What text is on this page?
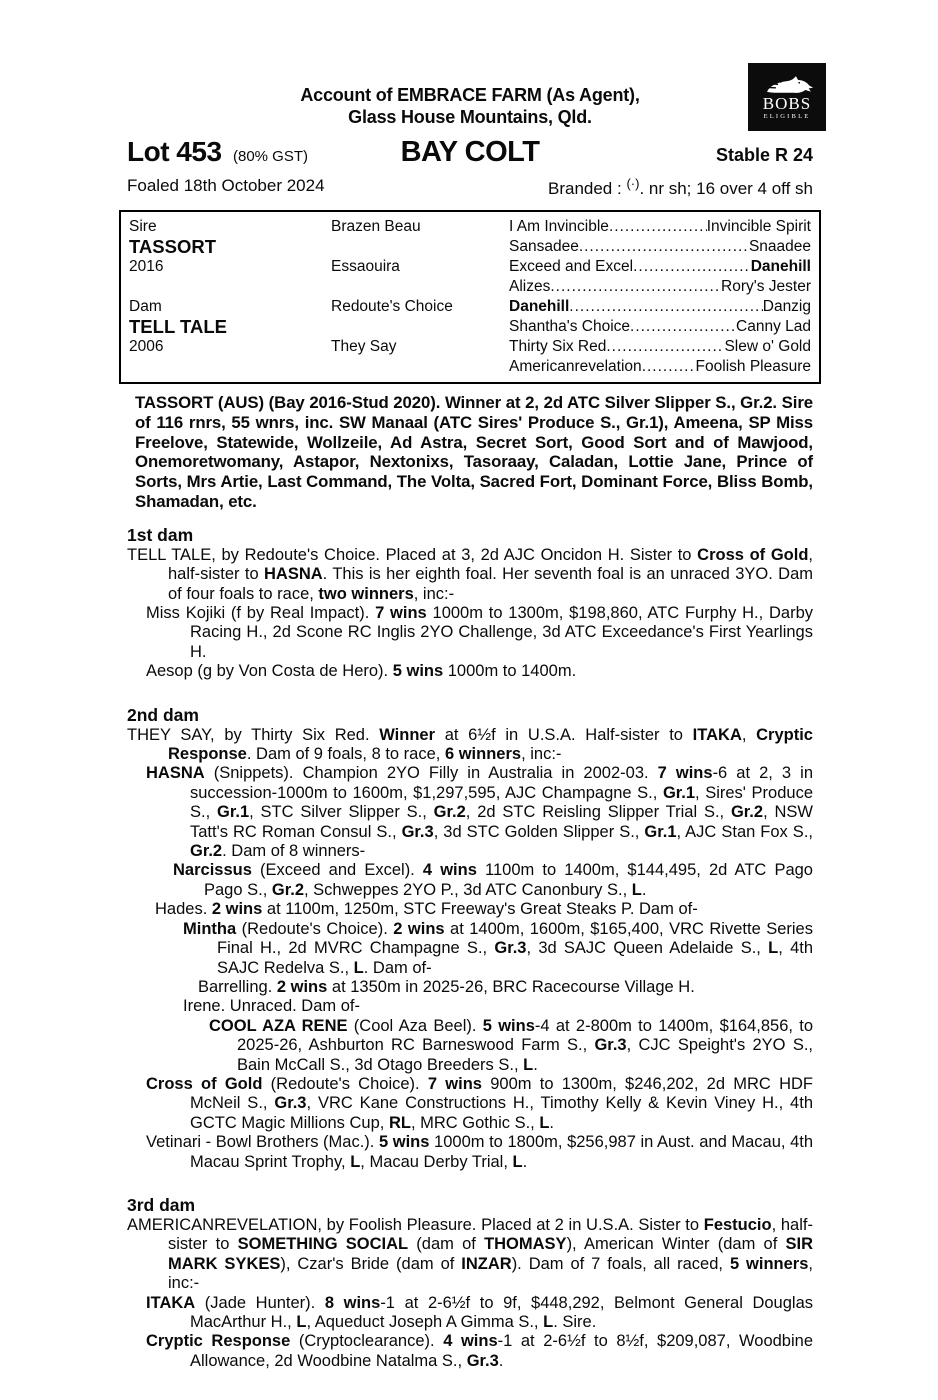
BOBS
ELIGIBLE
Account of EMBRACE FARM (As Agent),
Glass House Mountains, Qld.
Lot 453 (80% GST)	BAY COLT	Stable R 24
Foaled 18th October 2024	Branded : (·). nr sh; 16 over 4 off sh
Sire	Brazen Beau	I Am Invincible .....	Invincible Spirit
TASSORT	Sansadee .....	Snaadee
2016	Essaouira	Exceed and Excel .....	Danehill
Alizes .....	Rory's Jester
Dam	Redoute's Choice	Danehill .....	Danzig
TELL TALE	Shantha's Choice .....	Canny Lad
2006	They Say	Thirty Six Red .....	Slew o' Gold
Americanrevelation .....	Foolish Pleasure

TASSORT (AUS) (Bay 2016-Stud 2020). Winner at 2, 2d ATC Silver Slipper S., Gr.2. Sire of 116 rnrs, 55 wnrs, inc. SW Manaal (ATC Sires' Produce S., Gr.1), Ameena, SP Miss Freelove, Statewide, Wollzeile, Ad Astra, Secret Sort, Good Sort and of Mawjood, Onemoretwomany, Astapor, Nextonixs, Tasoraay, Caladan, Lottie Jane, Prince of Sorts, Mrs Artie, Last Command, The Volta, Sacred Fort, Dominant Force, Bliss Bomb, Shamadan, etc.

1st dam

TELL TALE, by Redoute's Choice. Placed at 3, 2d AJC Oncidon H. Sister to Cross of Gold, half-sister to HASNA. This is her eighth foal. Her seventh foal is an unraced 3YO. Dam of four foals to race, two winners, inc:-

Miss Kojiki (f by Real Impact). 7 wins 1000m to 1300m, $198,860, ATC Furphy H., Darby Racing H., 2d Scone RC Inglis 2YO Challenge, 3d ATC Exceedance's First Yearlings H.

Aesop (g by Von Costa de Hero). 5 wins 1000m to 1400m.

2nd dam

THEY SAY, by Thirty Six Red. Winner at 6½f in U.S.A. Half-sister to ITAKA, Cryptic Response. Dam of 9 foals, 8 to race, 6 winners, inc:-

HASNA (Snippets). Champion 2YO Filly in Australia in 2002-03. 7 wins-6 at 2, 3 in succession-1000m to 1600m, $1,297,595, AJC Champagne S., Gr.1, Sires' Produce S., Gr.1, STC Silver Slipper S., Gr.2, 2d STC Reisling Slipper Trial S., Gr.2, NSW Tatt's RC Roman Consul S., Gr.3, 3d STC Golden Slipper S., Gr.1, AJC Stan Fox S., Gr.2. Dam of 8 winners-

Narcissus (Exceed and Excel). 4 wins 1100m to 1400m, $144,495, 2d ATC Pago Pago S., Gr.2, Schweppes 2YO P., 3d ATC Canonbury S., L.

Hades. 2 wins at 1100m, 1250m, STC Freeway's Great Steaks P. Dam of-

Mintha (Redoute's Choice). 2 wins at 1400m, 1600m, $165,400, VRC Rivette Series Final H., 2d MVRC Champagne S., Gr.3, 3d SAJC Queen Adelaide S., L, 4th SAJC Redelva S., L. Dam of-

Barrelling. 2 wins at 1350m in 2025-26, BRC Racecourse Village H.

Irene. Unraced. Dam of-

COOL AZA RENE (Cool Aza Beel). 5 wins-4 at 2-800m to 1400m, $164,856, to 2025-26, Ashburton RC Barneswood Farm S., Gr.3, CJC Speight's 2YO S., Bain McCall S., 3d Otago Breeders S., L.

Cross of Gold (Redoute's Choice). 7 wins 900m to 1300m, $246,202, 2d MRC HDF McNeil S., Gr.3, VRC Kane Constructions H., Timothy Kelly & Kevin Viney H., 4th GCTC Magic Millions Cup, RL, MRC Gothic S., L.

Vetinari - Bowl Brothers (Mac.). 5 wins 1000m to 1800m, $256,987 in Aust. and Macau, 4th Macau Sprint Trophy, L, Macau Derby Trial, L.

3rd dam

AMERICANREVELATION, by Foolish Pleasure. Placed at 2 in U.S.A. Sister to Festucio, half-sister to SOMETHING SOCIAL (dam of THOMASY), American Winter (dam of SIR MARK SYKES), Czar's Bride (dam of INZAR). Dam of 7 foals, all raced, 5 winners, inc:-

ITAKA (Jade Hunter). 8 wins-1 at 2-6½f to 9f, $448,292, Belmont General Douglas MacArthur H., L, Aqueduct Joseph A Gimma S., L. Sire.

Cryptic Response (Cryptoclearance). 4 wins-1 at 2-6½f to 8½f, $209,087, Woodbine Allowance, 2d Woodbine Natalma S., Gr.3.
